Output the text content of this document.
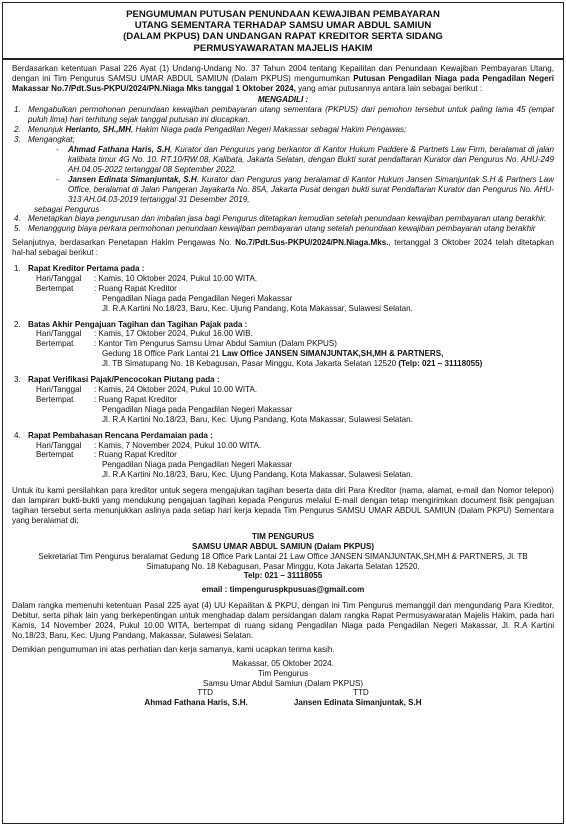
PENGUMUMAN PUTUSAN PENUNDAAN KEWAJIBAN PEMBAYARAN
UTANG SEMENTARA TERHADAP SAMSU UMAR ABDUL SAMIUN
(DALAM PKPUS) DAN UNDANGAN RAPAT KREDITOR SERTA SIDANG
PERMUSYAWARATAN MAJELIS HAKIM
Berdasarkan ketentuan Pasal 226 Ayat (1) Undang-Undang No. 37 Tahun 2004 tentang Kepailitan dan Penundaan Kewajiban Pembayaran Utang, dengan ini Tim Pengurus SAMSU UMAR ABDUL SAMIUN (Dalam PKPUS) mengumumkan Putusan Pengadilan Niaga pada Pengadilan Negeri Makassar No.7/Pdt.Sus-PKPU/2024/PN.Niaga Mks tanggal 1 Oktober 2024, yang amar putusannya antara lain sebagai berikut :
MENGADILI :
1. Mengabulkan permohonan penundaan kewajiban pembayaran utang sementara (PKPUS) dari pemohon tersebut untuk paling lama 45 (empat puluh lima) hari terhitung sejak tanggal putusan ini diucapkan.
2. Menunjuk Herianto, SH.,MH, Hakim Niaga pada Pengadilan Negeri Makassar sebagai Hakim Pengawas;
3. Mengangkat;
-	Ahmad Fathana Haris, S.H, Kurator dan Pengurus yang berkantor di Kantor Hukum Paddere & Partnets Law Firm, beralamat di jalan kalibata timur 4G No. 10. RT.10/RW.08, Kalibata, Jakarta Selatan, dengan Bukti surat pendaftaran Kurator dan Pengurus No. AHU-249 AH.04.05-2022 tertanggal 08 September 2022.
-	Jansen Edinata Simanjuntak, S.H. Kurator dan Pengurus yang beralamat di Kantor Hukum Jansen Simanjuntak S.H & Partners Law Office, beralamat di Jalan Pangeran Jayakarta No. 85A, Jakarta Pusat dengan bukti surat Pendaftaran Kurator dan Pengurus No. AHU-313 AH.04.03-2019 tertanggal 31 Desember 2019,
sebagai Pengurus
4. Menetapkan biaya pengurusan dan imbalan jasa bagi Pengurus ditetapkan kemudian setelah penundaan kewajiban pembayaran utang berakhir.
5. Menanggung biaya perkara permohonan penundaan kewajiban pembayaran utang setelah penundaan kewajiban pembayaran utang berakhir
Selanjutnya, berdasarkan Penetapan Hakim Pengawas No. No.7/Pdt.Sus-PKPU/2024/PN.Niaga.Mks., tertanggal 3 Oktober 2024 telah ditetapkan hal-hal sebagai berikut :
1. Rapat Kreditor Pertama pada :
Hari/Tanggal	: Kamis, 10 Oktober 2024, Pukul 10.00 WITA.
Bertempat	: Ruang Rapat Kreditor
Pengadilan Niaga pada Pengadilan Negeri Makassar
Jl. R.A Kartini No.18/23, Baru, Kec. Ujung Pandang, Kota Makassar, Sulawesi Selatan.
2. Batas Akhir Pengajuan Tagihan dan Tagihan Pajak pada :
Hari/Tanggal	: Kamis, 17 Oktober 2024, Pukul 16.00 WIB.
Bertempat	: Kantor Tim Pengurus Samsu Umar Abdul Samiun (Dalam PKPUS)
Gedung 18 Office Park Lantai 21 Law Office JANSEN SIMANJUNTAK,SH,MH & PARTNERS,
Jl. TB Simatupang No. 18 Kebagusan, Pasar Minggu, Kota Jakarta Selatan 12520 (Telp: 021 – 31118055)
3. Rapat Verifikasi Pajak/Pencocokan Piutang pada :
Hari/Tanggal	: Kamis, 24 Oktober 2024, Pukul 10.00 WITA.
Bertempat	: Ruang Rapat Kreditor
Pengadilan Niaga pada Pengadilan Negeri Makassar
Jl. R.A Kartini No.18/23, Baru, Kec. Ujung Pandang, Kota Makassar, Sulawesi Selatan.
4. Rapat Pembahasan Rencana Perdamaian pada :
Hari/Tanggal	: Kamis, 7 November 2024, Pukul 10.00 WITA.
Bertempat	: Ruang Rapat Kreditor
Pengadilan Niaga pada Pengadilan Negeri Makassar
Jl. R.A Kartini No.18/23, Baru, Kec. Ujung Pandang, Kota Makassar, Sulawesi Selatan.
Untuk itu kami persilahkan para kreditor untuk segera mengajukan tagihan beserta data diri Para Kreditor (nama, alamat, e-mail dan Nomor telepon) dan lampiran bukti-bukti yang mendukung pengajuan tagihan kepada Pengurus melalui E-mail dengan tetap mengirimkan document fisik pengajuan tagihan tersebut serta menunjukkan aslinya pada setiap hari kerja kepada Tim Pengurus SAMSU UMAR ABDUL SAMIUN (Dalam PKPU) Sementara yang beralamat di;
TIM PENGURUS
SAMSU UMAR ABDUL SAMIUN (Dalam PKPUS)
Sekretariat Tim Pengurus beralamat Gedung 18 Office Park Lantai 21 Law Office JANSEN SIMANJUNTAK,SH,MH & PARTNERS, Jl. TB Simatupang No. 18 Kebagusan, Pasar Minggu, Kota Jakarta Selatan 12520.
Telp: 021 – 31118055
email : timpenguruspkpusuas@gmail.com
Dalam rangka memenuhi ketentuan Pasal 225 ayat (4) UU Kepailitan & PKPU, dengan ini Tim Pengurus memanggil dan mengundang Para Kreditor, Debitur, serta pihak lain yang berkepentingan untuk menghadap dalam persidangan dalam rangka Rapat Permusyawaratan Majelis Hakim, pada hari Kamis, 14 November 2024, Pukul 10.00 WITA, bertempat di ruang sidang Pengadilan Niaga pada Pengadilan Negeri Makassar, Jl. R.A Kartini No.18/23, Baru, Kec. Ujung Pandang, Makassar, Sulawesi Selatan.
Demikian pengumuman ini atas perhatian dan kerja samanya, kami ucapkan terima kasih.
Makassar, 05 Oktober 2024.
Tim Pengurus
Samsu Umar Abdul Samiun (Dalam PKPUS)
TTD	TTD
Ahmad Fathana Haris, S.H.	Jansen Edinata Simanjuntak, S.H
